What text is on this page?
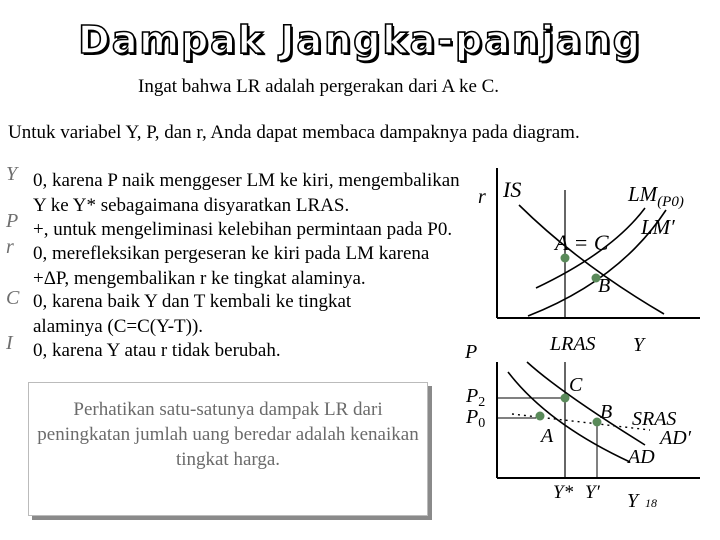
Dampak Jangka-panjang
Ingat bahwa LR adalah pergerakan dari A ke C.
Untuk variabel Y, P, dan r, Anda dapat membaca dampaknya pada diagram.
Y 0, karena P naik menggeser LM ke kiri, mengembalikan
Y ke Y* sebagaimana disyaratkan LRAS.
P +, untuk mengeliminasi kelebihan permintaan pada P0.
r 0, merefleksikan pergeseran ke kiri pada LM karena
+ΔP, mengembalikan r ke tingkat alaminya.
C 0, karena baik Y dan T kembali ke tingkat
alaminya (C=C(Y-T)).
I 0, karena Y atau r tidak berubah.

Perhatikan satu-satunya dampak LR dari peningkatan jumlah uang beredar adalah kenaikan tingkat harga.

r
Y
IS	$LM_{(P0)}$
LM′
A = C
B
LRAS
P
Y
$P_2$
$P_0$
C
A
B SRAS
AD′
AD
Y* Y′	18
